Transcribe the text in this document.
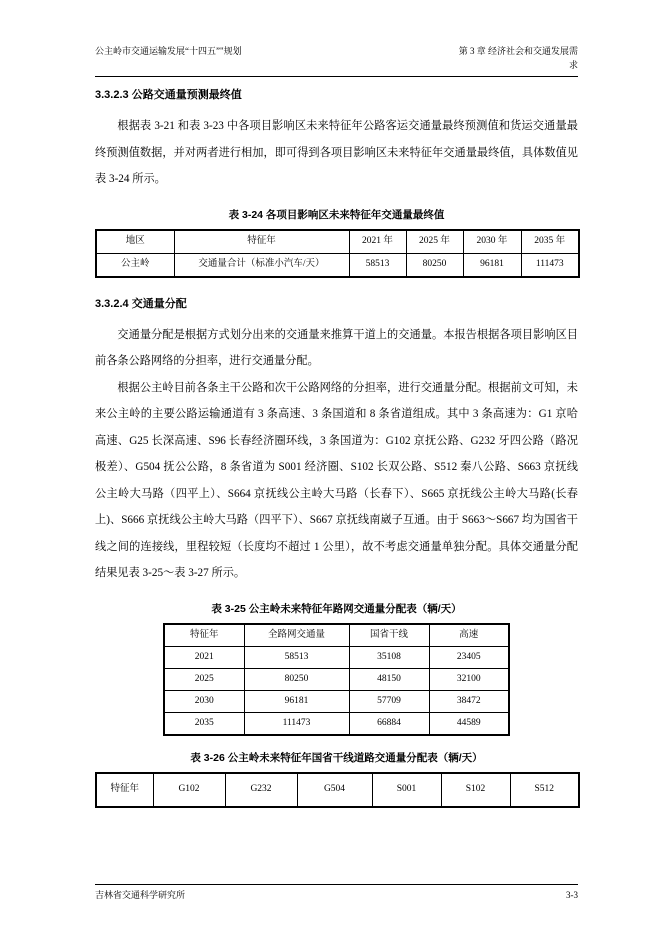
公主岭市交通运输发展“十四五”"规划	第 3 章 经济社会和交通发展需
求
3.3.2.3 公路交通量预测最终值

根据表 3-21 和表 3-23 中各项目影响区未来特征年公路客运交通量最终预测值和货运交通量最终预测值数据，并对两者进行相加，即可得到各项目影响区未来特征年交通量最终值，具体数值见表 3-24 所示。

表 3-24 各项目影响区未来特征年交通量最终值
地区	特征年	2021 年	2025 年	2030 年	2035 年
公主岭	交通量合计（标准小汽车/天）	58513	80250	96181	111473
3.3.2.4 交通量分配

交通量分配是根据方式划分出来的交通量来推算干道上的交通量。本报告根据各项目影响区目前各条公路网络的分担率，进行交通量分配。

根据公主岭目前各条主干公路和次干公路网络的分担率，进行交通量分配。根据前文可知，未来公主岭的主要公路运输通道有 3 条高速、3 条国道和 8 条省道组成。其中 3 条高速为：G1 京哈高速、G25 长深高速、S96 长春经济圈环线，3 条国道为：G102 京抚公路、G232 牙四公路（路况极差）、G504 抚公公路，8 条省道为 S001 经济圈、S102 长双公路、S512 秦八公路、S663 京抚线公主岭大马路（四平上）、S664 京抚线公主岭大马路（长春下）、S665 京抚线公主岭大马路(长春上)、S666 京抚线公主岭大马路（四平下）、S667 京抚线南崴子互通。由于 S663～S667 均为国省干线之间的连接线，里程较短（长度均不超过 1 公里），故不考虑交通量单独分配。具体交通量分配结果见表 3-25～表 3-27 所示。

表 3-25 公主岭未来特征年路网交通量分配表（辆/天）
特征年	全路网交通量	国省干线	高速
2021	58513	35108	23405
2025	80250	48150	32100
2030	96181	57709	38472
2035	111473	66884	44589
表 3-26 公主岭未来特征年国省干线道路交通量分配表（辆/天）
特征年	G102	G232	G504	S001	S102	S512
吉林省交通科学研究所	3-3
